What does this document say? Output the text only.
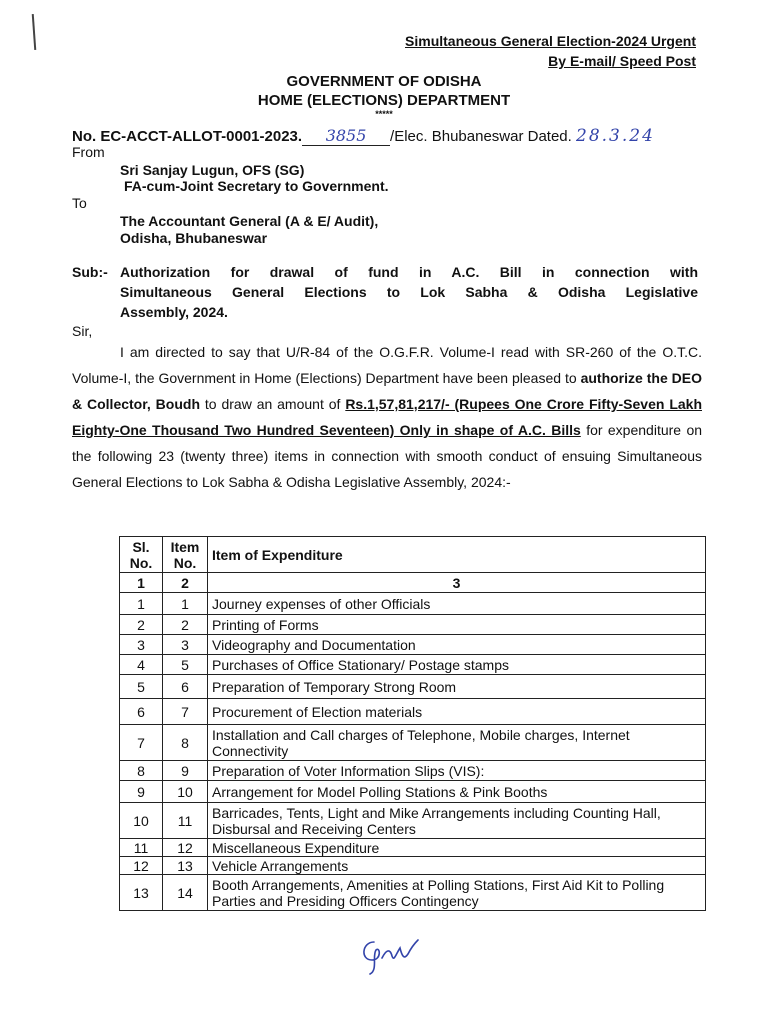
Simultaneous General Election-2024 Urgent
By E-mail/ Speed Post
GOVERNMENT OF ODISHA
HOME (ELECTIONS) DEPARTMENT
*****
No. EC-ACCT-ALLOT-0001-2023. 3855 /Elec. Bhubaneswar Dated. 28.3.24
From
Sri Sanjay Lugun, OFS (SG)
FA-cum-Joint Secretary to Government.
To
The Accountant General (A & E/ Audit),
Odisha, Bhubaneswar
Sub:- Authorization for drawal of fund in A.C. Bill in connection with
Simultaneous General Elections to Lok Sabha & Odisha Legislative
Assembly, 2024.
Sir,
I am directed to say that U/R-84 of the O.G.F.R. Volume-I read with SR-260 of the O.T.C. Volume-I, the Government in Home (Elections) Department have been pleased to authorize the DEO & Collector, Boudh to draw an amount of Rs.1,57,81,217/- (Rupees One Crore Fifty-Seven Lakh Eighty-One Thousand Two Hundred Seventeen) Only in shape of A.C. Bills for expenditure on the following 23 (twenty three) items in connection with smooth conduct of ensuing Simultaneous General Elections to Lok Sabha & Odisha Legislative Assembly, 2024:-
Sl. No.	Item No.	Item of Expenditure
1	2	3
1	1	Journey expenses of other Officials
2	2	Printing of Forms
3	3	Videography and Documentation
4	5	Purchases of Office Stationary/ Postage stamps
5	6	Preparation of Temporary Strong Room
6	7	Procurement of Election materials
7	8	Installation and Call charges of Telephone, Mobile charges, Internet Connectivity
8	9	Preparation of Voter Information Slips (VIS):
9	10	Arrangement for Model Polling Stations & Pink Booths
10	11	Barricades, Tents, Light and Mike Arrangements including Counting Hall, Disbursal and Receiving Centers
11	12	Miscellaneous Expenditure
12	13	Vehicle Arrangements
13	14	Booth Arrangements, Amenities at Polling Stations, First Aid Kit to Polling Parties and Presiding Officers Contingency
